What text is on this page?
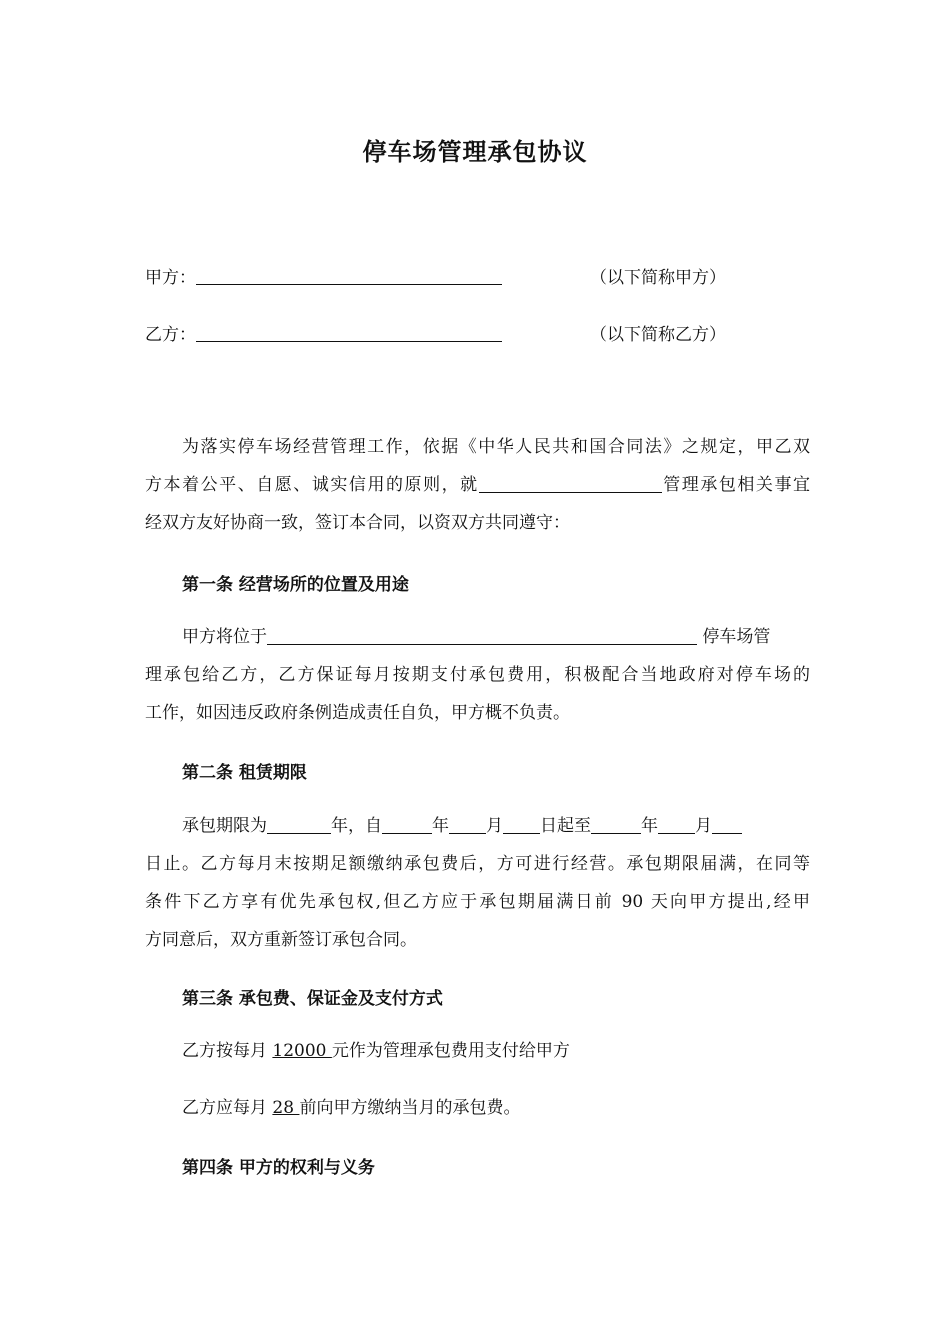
停车场管理承包协议
甲方：	（以下简称甲方）
乙方：	（以下简称乙方）
为落实停车场经营管理工作，依据《中华人民共和国合同法》之规定，甲乙双
方本着公平、自愿、诚实信用的原则，就	管理承包相关事宜
经双方友好协商一致，签订本合同，以资双方共同遵守：
第一条 经营场所的位置及用途
甲方将位于	停车场管
理承包给乙方，乙方保证每月按期支付承包费用，积极配合当地政府对停车场的
工作，如因违反政府条例造成责任自负，甲方概不负责。
第二条 租赁期限
承包期限为	年，自	年 月 日起至	年 月
日止。乙方每月末按期足额缴纳承包费后，方可进行经营。承包期限届满，在同等
条件下乙方享有优先承包权,但乙方应于承包期届满日前 90 天向甲方提出,经甲
方同意后，双方重新签订承包合同。
第三条 承包费、保证金及支付方式
乙方按每月 12000 元作为管理承包费用支付给甲方
乙方应每月 28 前向甲方缴纳当月的承包费。
第四条 甲方的权利与义务
